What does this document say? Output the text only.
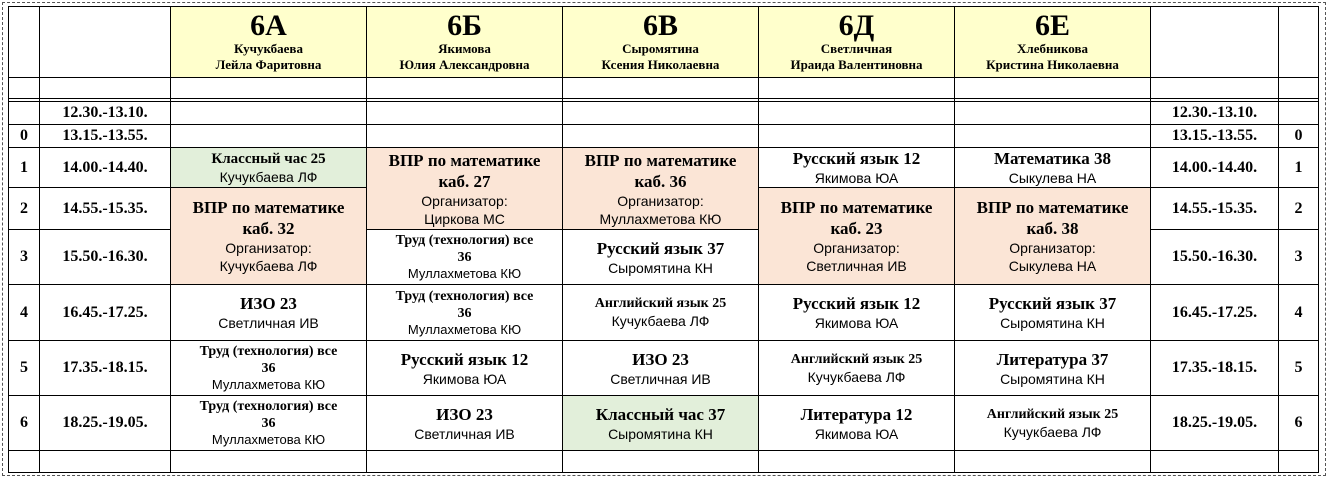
		6А
Кучукбаева
Лейла Фаритовна	6Б
Якимова
Юлия Александровна	6В
Сыромятина
Ксения Николаевна	6Д
Светличная
Ираида Валентиновна	6Е
Хлебникова
Кристина Николаевна		

	12.30.-13.10.						12.30.-13.10.	
0	13.15.-13.55.						13.15.-13.55.	0
1	14.00.-14.40.	Классный час 25
Кучукбаева ЛФ	ВПР по математике
каб. 27
Организатор:
Циркова МС	ВПР по математике
каб. 36
Организатор:
Муллахметова КЮ	Русский язык 12
Якимова ЮА	Математика 38
Сыкулева НА	14.00.-14.40.	1
2	14.55.-15.35.	ВПР по математике
каб. 32
Организатор:
Кучукбаева ЛФ			ВПР по математике
каб. 23
Организатор:
Светличная ИВ	ВПР по математике
каб. 38
Организатор:
Сыкулева НА	14.55.-15.35.	2
3	15.50.-16.30.		Труд (технология) все
36
Муллахметова КЮ	Русский язык 37
Сыромятина КН			15.50.-16.30.	3
4	16.45.-17.25.	ИЗО 23
Светличная ИВ	Труд (технология) все
36
Муллахметова КЮ	Английский язык 25
Кучукбаева ЛФ	Русский язык 12
Якимова ЮА	Русский язык 37
Сыромятина КН	16.45.-17.25.	4
5	17.35.-18.15.	Труд (технология) все
36
Муллахметова КЮ	Русский язык 12
Якимова ЮА	ИЗО 23
Светличная ИВ	Английский язык 25
Кучукбаева ЛФ	Литература 37
Сыромятина КН	17.35.-18.15.	5
6	18.25.-19.05.	Труд (технология) все
36
Муллахметова КЮ	ИЗО 23
Светличная ИВ	Классный час 37
Сыромятина КН	Литература 12
Якимова ЮА	Английский язык 25
Кучукбаева ЛФ	18.25.-19.05.	6
